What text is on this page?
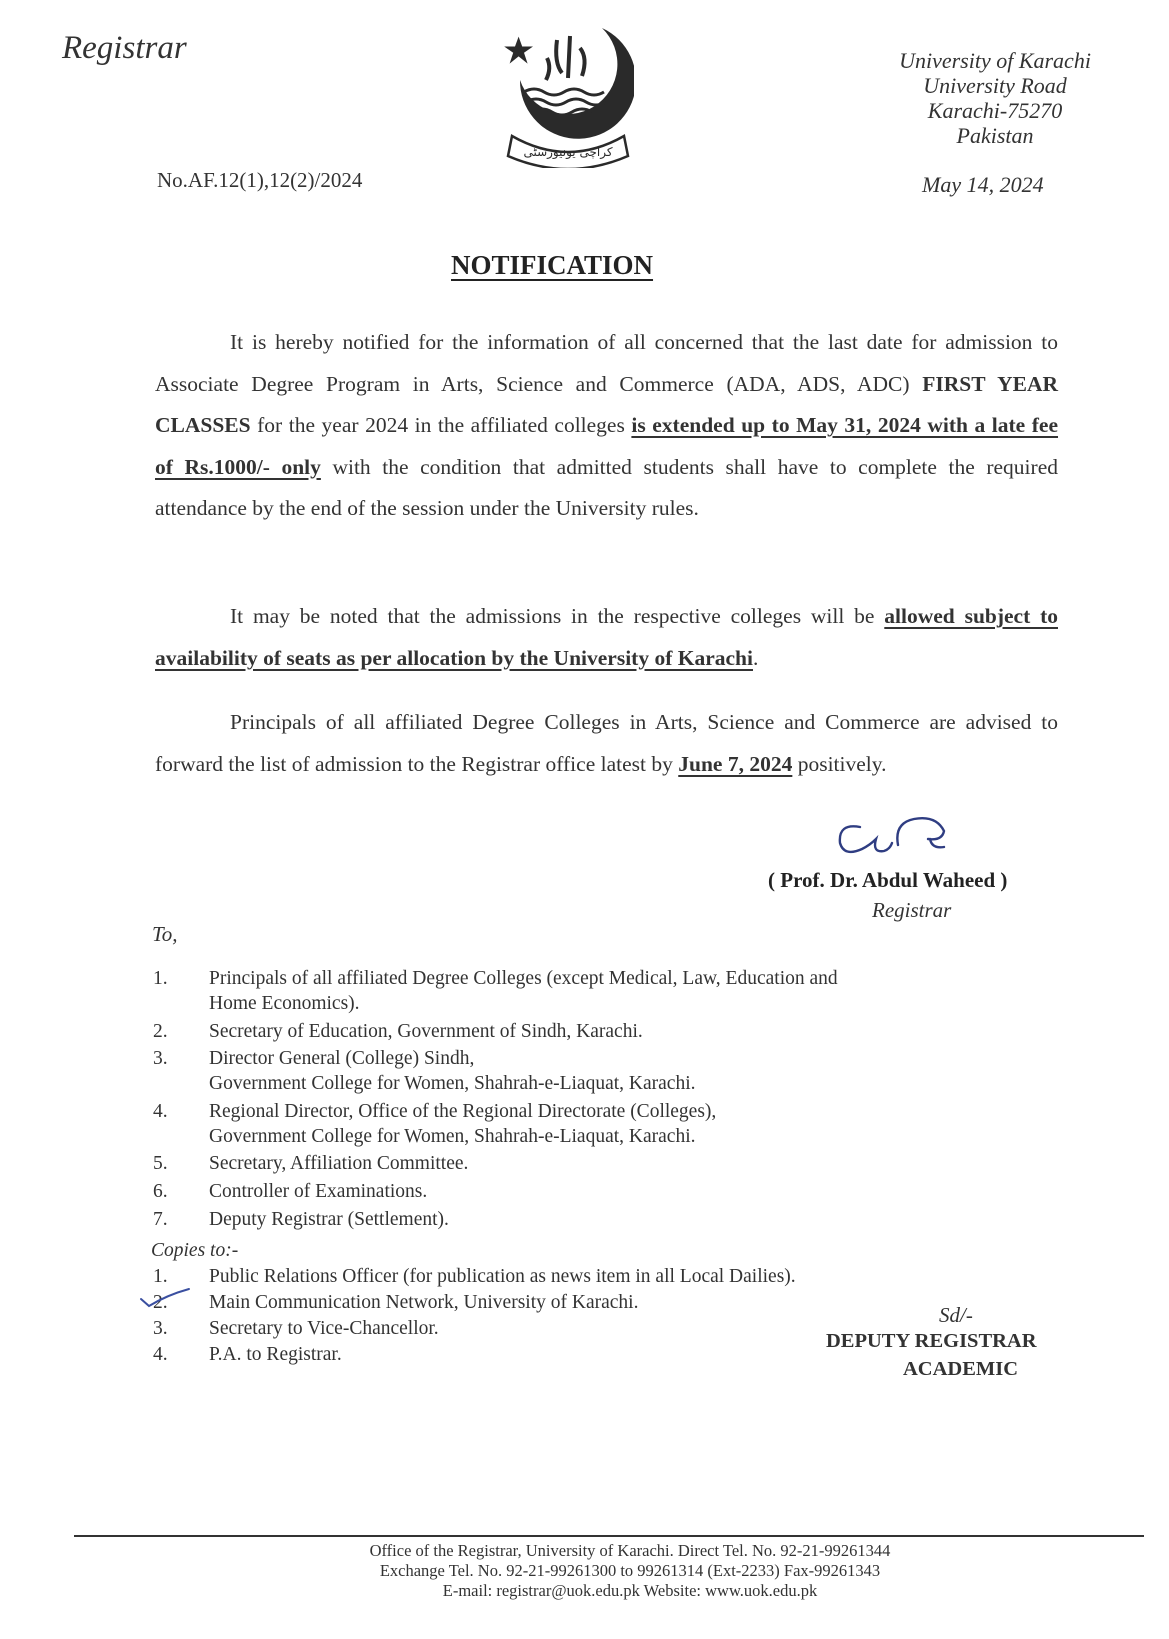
Registrar
کراچی یونیورسٹی
University of Karachi
University Road
Karachi-75270
Pakistan
No.AF.12(1),12(2)/2024	May 14, 2024
NOTIFICATION
It is hereby notified for the information of all concerned that the last date for admission to Associate Degree Program in Arts, Science and Commerce (ADA, ADS, ADC) FIRST YEAR CLASSES for the year 2024 in the affiliated colleges is extended up to May 31, 2024 with a late fee of Rs.1000/- only with the condition that admitted students shall have to complete the required attendance by the end of the session under the University rules.
It may be noted that the admissions in the respective colleges will be allowed subject to availability of seats as per allocation by the University of Karachi.
Principals of all affiliated Degree Colleges in Arts, Science and Commerce are advised to forward the list of admission to the Registrar office latest by June 7, 2024 positively.
( Prof. Dr. Abdul Waheed )
Registrar
To,
1.	Principals of all affiliated Degree Colleges (except Medical, Law, Education and
Home Economics).
2.	Secretary of Education, Government of Sindh, Karachi.
3.	Director General (College) Sindh,
Government College for Women, Shahrah-e-Liaquat, Karachi.
4.	Regional Director, Office of the Regional Directorate (Colleges),
Government College for Women, Shahrah-e-Liaquat, Karachi.
5.	Secretary, Affiliation Committee.
6.	Controller of Examinations.
7.	Deputy Registrar (Settlement).
Copies to:-
1.	Public Relations Officer (for publication as news item in all Local Dailies).
2.	Main Communication Network, University of Karachi.
3.	Secretary to Vice-Chancellor.
4.	P.A. to Registrar.
Sd/-
DEPUTY REGISTRAR
ACADEMIC
Office of the Registrar, University of Karachi. Direct Tel. No. 92-21-99261344
Exchange Tel. No. 92-21-99261300 to 99261314 (Ext-2233) Fax-99261343
E-mail: registrar@uok.edu.pk Website: www.uok.edu.pk
